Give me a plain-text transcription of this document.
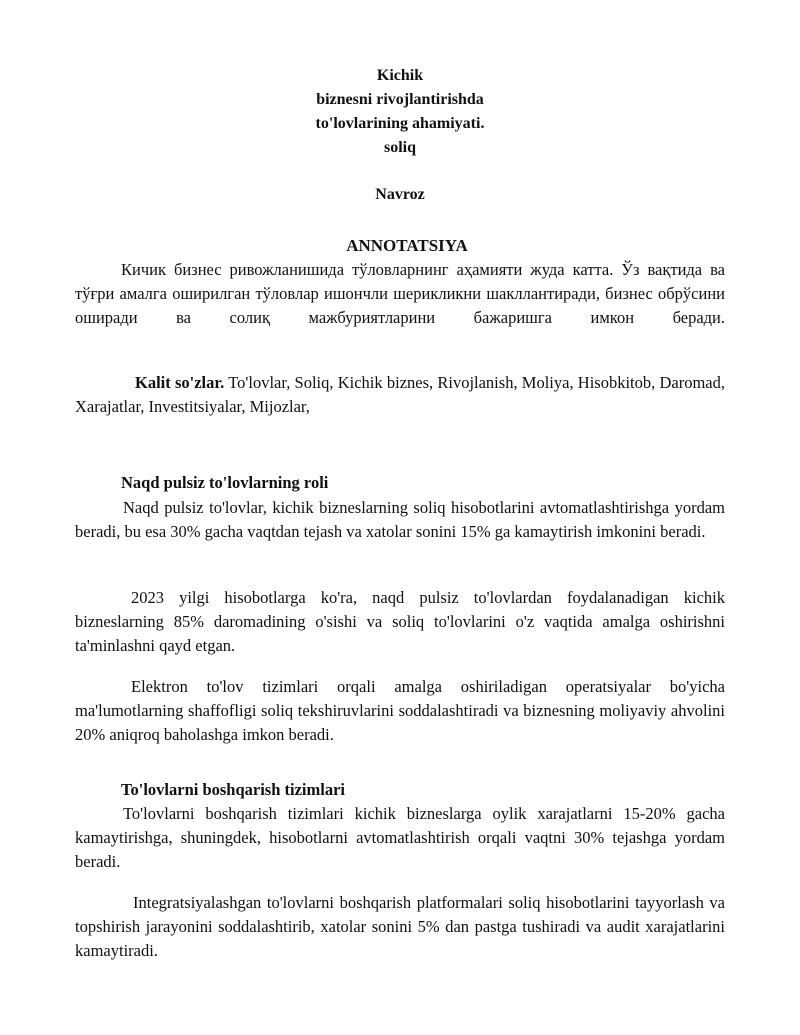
Kichik
biznesni rivojlantirishda
to'lovlarining ahamiyati.
soliq
Navroz
ANNOTATSIYA

Кичик бизнес ривожланишида тўловларнинг аҳамияти жуда катта. Ўз вақтида ва тўғри амалга оширилган тўловлар ишончли шерикликни шакллантиради, бизнес обрўсини оширади ва солиқ мажбуриятларини бажаришга имкон беради.

Kalit so'zlar. To'lovlar, Soliq, Kichik biznes, Rivojlanish, Moliya, Hisobkitob, Daromad, Xarajatlar, Investitsiyalar, Mijozlar,

Naqd pulsiz to'lovlarning roli

Naqd pulsiz to'lovlar, kichik bizneslarning soliq hisobotlarini avtomatlashtirishga yordam beradi, bu esa 30% gacha vaqtdan tejash va xatolar sonini 15% ga kamaytirish imkonini beradi.

2023 yilgi hisobotlarga ko'ra, naqd pulsiz to'lovlardan foydalanadigan kichik bizneslarning 85% daromadining o'sishi va soliq to'lovlarini o'z vaqtida amalga oshirishni ta'minlashni qayd etgan.

Elektron to'lov tizimlari orqali amalga oshiriladigan operatsiyalar bo'yicha ma'lumotlarning shaffofligi soliq tekshiruvlarini soddalashtiradi va biznesning moliyaviy ahvolini 20% aniqroq baholashga imkon beradi.

To'lovlarni boshqarish tizimlari

To'lovlarni boshqarish tizimlari kichik bizneslarga oylik xarajatlarni 15-20% gacha kamaytirishga, shuningdek, hisobotlarni avtomatlashtirish orqali vaqtni 30% tejashga yordam beradi.

Integratsiyalashgan to'lovlarni boshqarish platformalari soliq hisobotlarini tayyorlash va topshirish jarayonini soddalashtirib, xatolar sonini 5% dan pastga tushiradi va audit xarajatlarini kamaytiradi.
